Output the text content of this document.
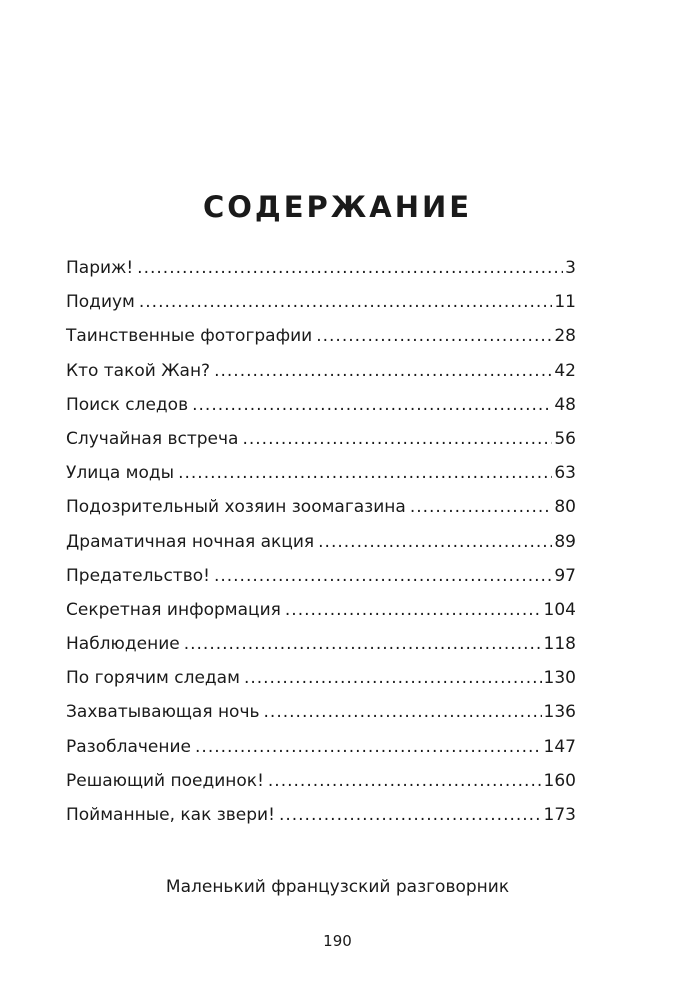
СОДЕРЖАНИЕ
Париж! .....	3
Подиум .....	11
Таинственные фотографии .....	28
Кто такой Жан? .....	42
Поиск следов .....	48
Случайная встреча .....	56
Улица моды .....	63
Подозрительный хозяин зоомагазина .....	80
Драматичная ночная акция .....	89
Предательство! .....	97
Секретная информация .....	104
Наблюдение .....	118
По горячим следам .....	130
Захватывающая ночь .....	136
Разоблачение .....	147
Решающий поединок! .....	160
Пойманные, как звери! .....	173
Маленький французский разговорник
190
